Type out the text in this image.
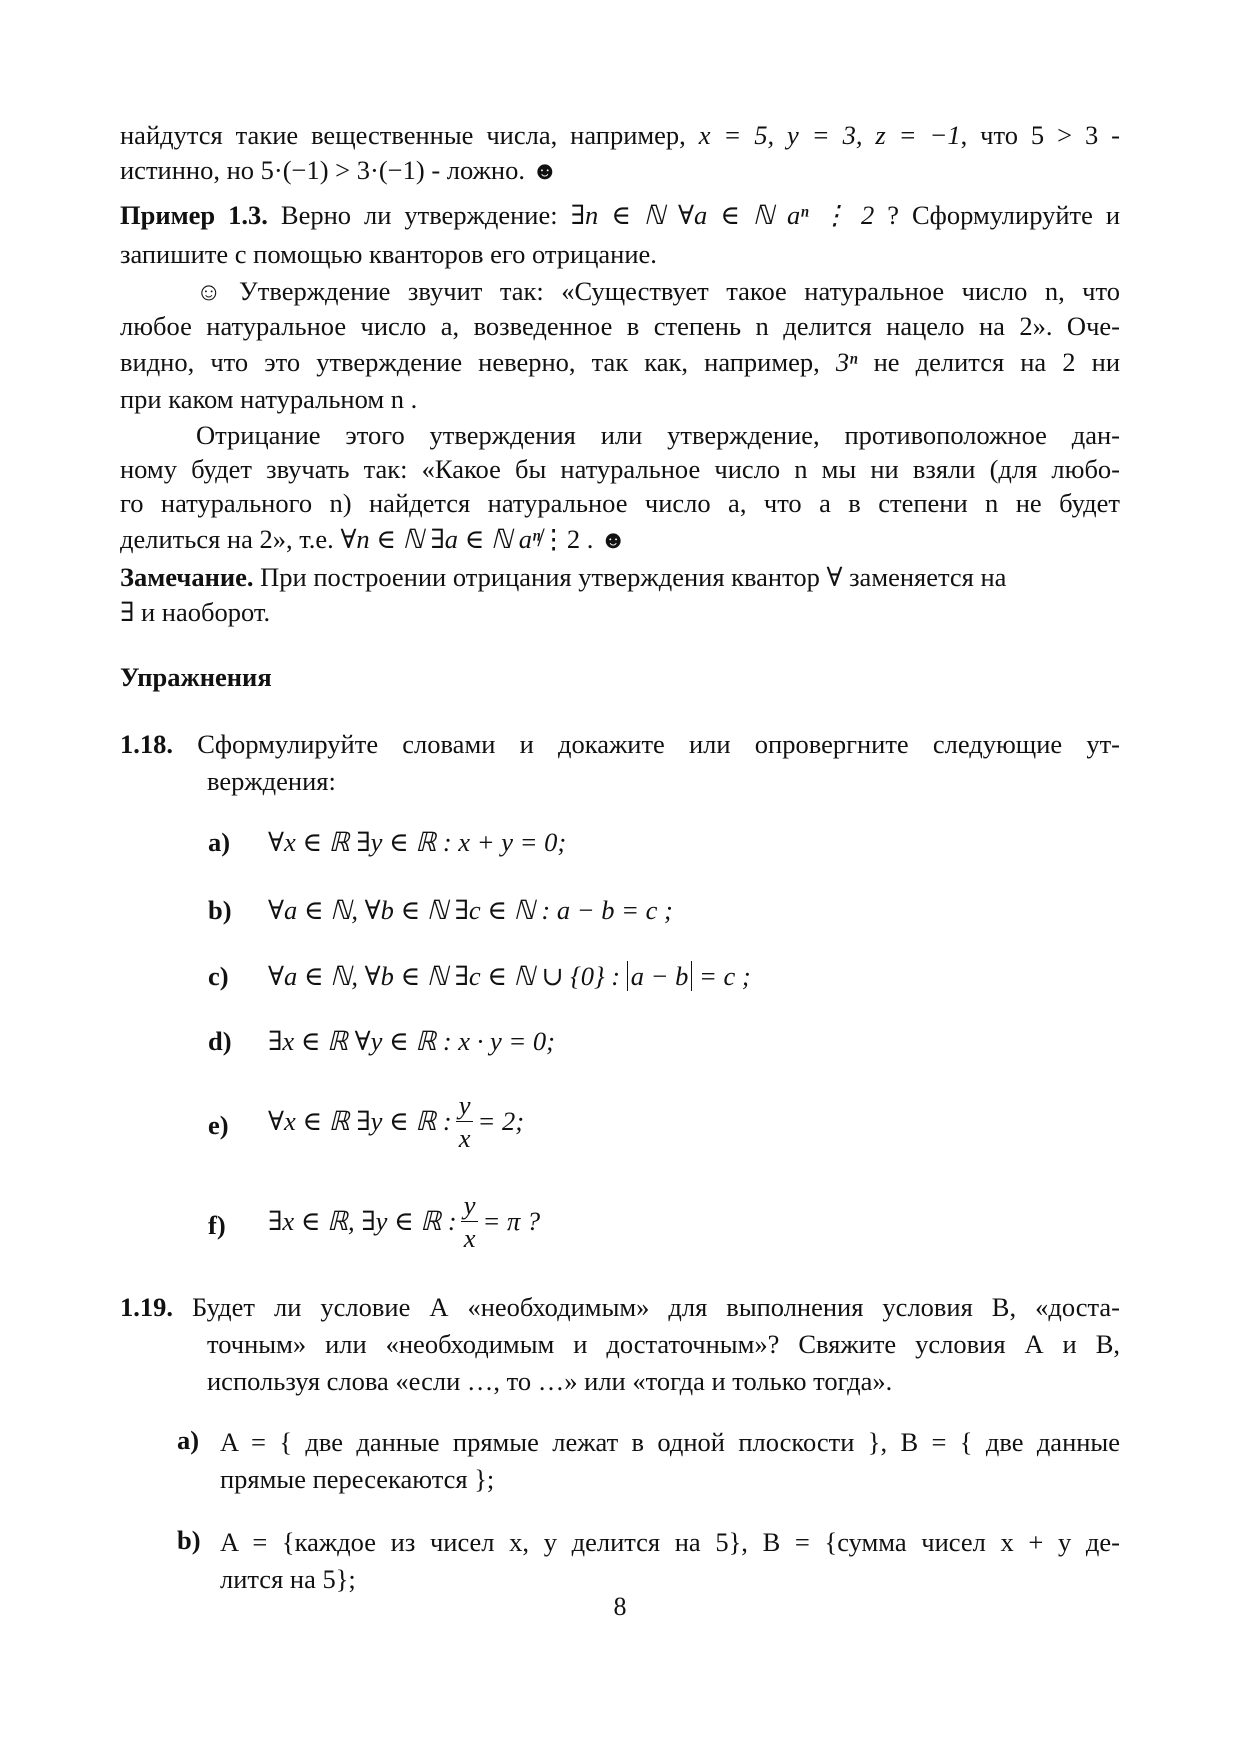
найдутся такие вещественные числа, например, x = 5, y = 3, z = −1, что 5 > 3 -
истинно, но 5·(−1) > 3·(−1) - ложно. ☻
Пример 1.3. Верно ли утверждение: ∃n ∈ ℕ ∀a ∈ ℕ aⁿ ⋮ 2 ? Сформулируйте и
запишите с помощью кванторов его отрицание.
☺ Утверждение звучит так: «Существует такое натуральное число n, что
любое натуральное число a, возведенное в степень n делится нацело на 2». Оче-
видно, что это утверждение неверно, так как, например, 3ⁿ не делится на 2 ни
при каком натуральном n .
Отрицание этого утверждения или утверждение, противоположное дан-
ному будет звучать так: «Какое бы натуральное число n мы ни взяли (для любо-
го натурального n) найдется натуральное число a, что a в степени n не будет
делиться на 2», т.е. ∀n ∈ ℕ ∃a ∈ ℕ aⁿ⋮ /2 . ☻
Замечание. При построении отрицания утверждения квантор ∀ заменяется на
∃ и наоборот.
Упражнения
1.18. Сформулируйте словами и докажите или опровергните следующие ут-
верждения:
a) ∀x ∈ ℝ ∃y ∈ ℝ : x + y = 0;
b) ∀a ∈ ℕ, ∀b ∈ ℕ ∃c ∈ ℕ : a − b = c ;
c) ∀a ∈ ℕ, ∀b ∈ ℕ ∃c ∈ ℕ ∪ {0} : a − b = c ;
d) ∃x ∈ ℝ ∀y ∈ ℝ : x · y = 0;
e) ∀x ∈ ℝ ∃y ∈ ℝ : $\frac{y}{x} = 2$;
f) ∃x ∈ ℝ, ∃y ∈ ℝ : $\frac{y}{x} = \pi$ ?
1.19. Будет ли условие А «необходимым» для выполнения условия В, «доста-
точным» или «необходимым и достаточным»? Свяжите условия А и В,
используя слова «если …, то …» или «тогда и только тогда».
a) A = { две данные прямые лежат в одной плоскости }, B = { две данные
прямые пересекаются };
b) A = {каждое из чисел x, y делится на 5}, B = {сумма чисел x + y де-
лится на 5};
8
